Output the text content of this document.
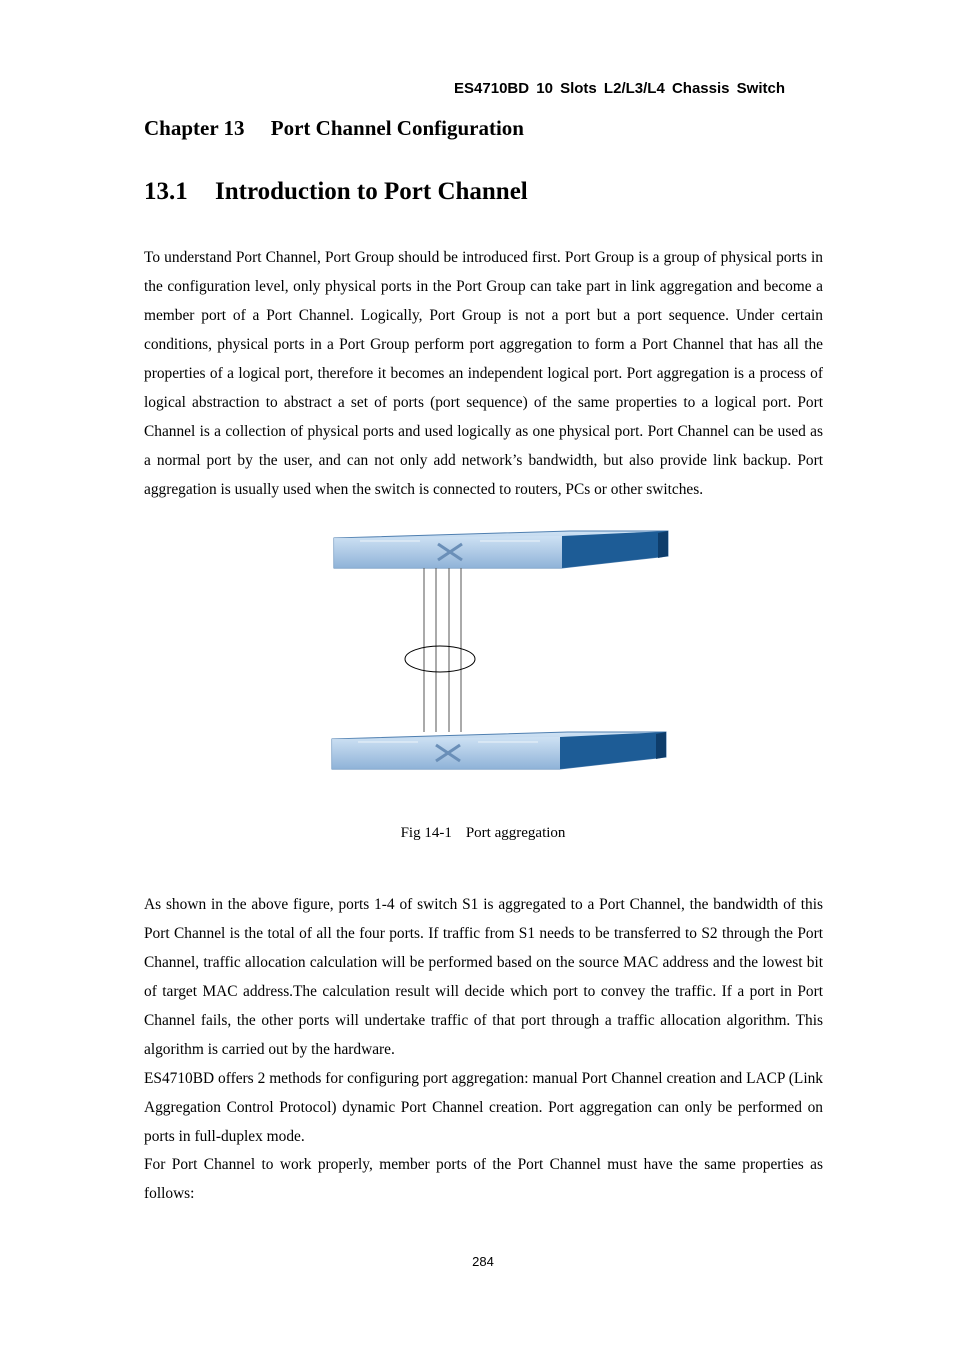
ES4710BD 10 Slots L2/L3/L4 Chassis Switch
Chapter 13 Port Channel Configuration
13.1 Introduction to Port Channel

To understand Port Channel, Port Group should be introduced first. Port Group is a group of physical ports in the configuration level, only physical ports in the Port Group can take part in link aggregation and become a member port of a Port Channel. Logically, Port Group is not a port but a port sequence. Under certain conditions, physical ports in a Port Group perform port aggregation to form a Port Channel that has all the properties of a logical port, therefore it becomes an independent logical port. Port aggregation is a process of logical abstraction to abstract a set of ports (port sequence) of the same properties to a logical port. Port Channel is a collection of physical ports and used logically as one physical port. Port Channel can be used as a normal port by the user, and can not only add network’s bandwidth, but also provide link backup. Port aggregation is usually used when the switch is connected to routers, PCs or other switches.

Fig 14-1 Port aggregation

As shown in the above figure, ports 1-4 of switch S1 is aggregated to a Port Channel, the bandwidth of this Port Channel is the total of all the four ports. If traffic from S1 needs to be transferred to S2 through the Port Channel, traffic allocation calculation will be performed based on the source MAC address and the lowest bit of target MAC address.The calculation result will decide which port to convey the traffic. If a port in Port Channel fails, the other ports will undertake traffic of that port through a traffic allocation algorithm. This algorithm is carried out by the hardware.

ES4710BD offers 2 methods for configuring port aggregation: manual Port Channel creation and LACP (Link Aggregation Control Protocol) dynamic Port Channel creation. Port aggregation can only be performed on ports in full-duplex mode.

For Port Channel to work properly, member ports of the Port Channel must have the same properties as follows:

284
